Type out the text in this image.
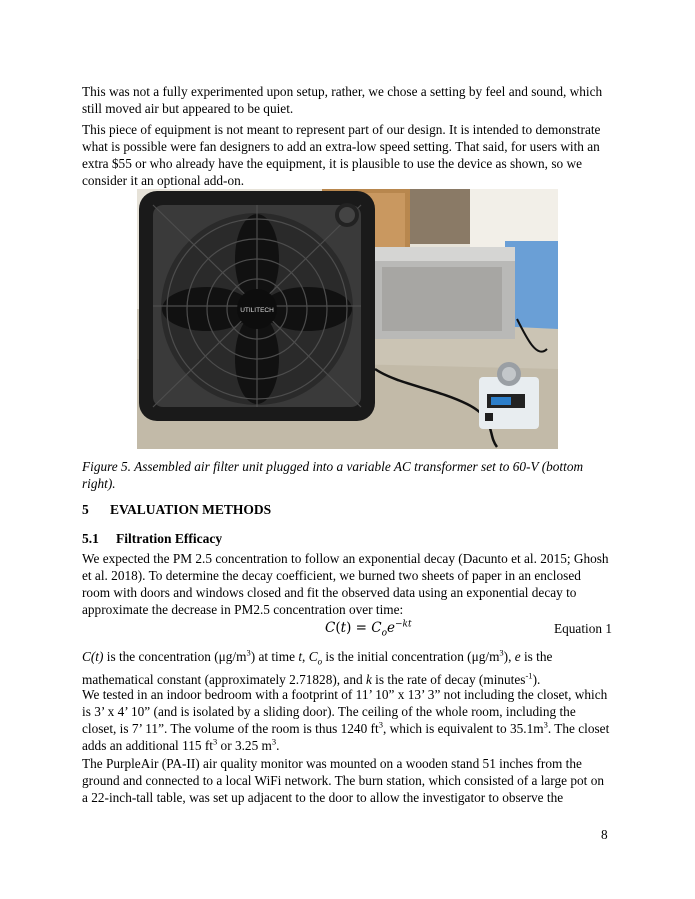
This was not a fully experimented upon setup, rather, we chose a setting by feel and sound, which still moved air but appeared to be quiet.

This piece of equipment is not meant to represent part of our design. It is intended to demonstrate what is possible were fan designers to add an extra-low speed setting. That said, for users with an extra $55 or who already have the equipment, it is plausible to use the device as shown, so we consider it an optional add-on.

UTILITECH

Figure 5. Assembled air filter unit plugged into a variable AC transformer set to 60-V (bottom right).

5 EVALUATION METHODS

5.1 Filtration Efficacy

We expected the PM 2.5 concentration to follow an exponential decay (Dacunto et al. 2015; Ghosh et al. 2018). To determine the decay coefficient, we burned two sheets of paper in an enclosed room with doors and windows closed and fit the observed data using an exponential decay to approximate the decrease in PM2.5 concentration over time:

$C(t) = C_oe^{-kt}$	Equation 1

C(t) is the concentration $(\mu g/m^3)$ at time t, $C_o$ is the initial concentration $(\mu g/m^3)$, e is the mathematical constant (approximately 2.71828), and k is the rate of decay (minutes$^{-1}$).

We tested in an indoor bedroom with a footprint of 11’ 10” x 13’ 3” not including the closet, which is 3’ x 4’ 10” (and is isolated by a sliding door). The ceiling of the whole room, including the closet, is 7’ 11”. The volume of the room is thus 1240 $ft^3$, which is equivalent to $35.1m^3$. The closet adds an additional 115 $ft^3$ or 3.25 $m^3$.

The PurpleAir (PA-II) air quality monitor was mounted on a wooden stand 51 inches from the ground and connected to a local WiFi network. The burn station, which consisted of a large pot on a 22-inch-tall table, was set up adjacent to the door to allow the investigator to observe the

8
